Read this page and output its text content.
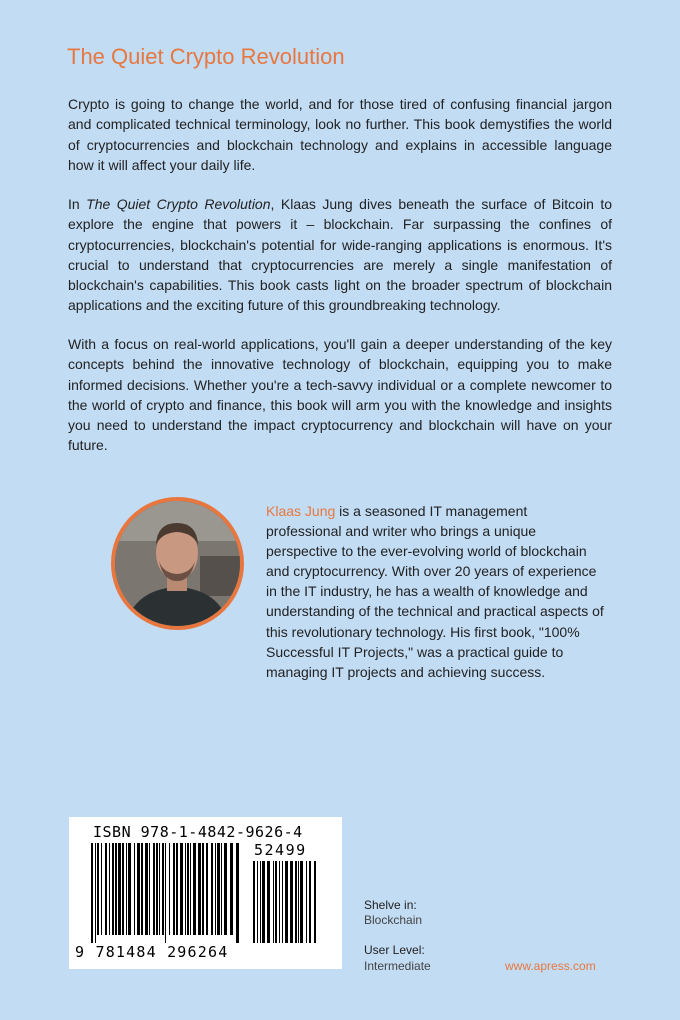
The Quiet Crypto Revolution

Crypto is going to change the world, and for those tired of confusing financial jargon and complicated technical terminology, look no further. This book demystifies the world of cryptocurrencies and blockchain technology and explains in accessible language how it will affect your daily life.

In The Quiet Crypto Revolution, Klaas Jung dives beneath the surface of Bitcoin to explore the engine that powers it – blockchain. Far surpassing the confines of cryptocurrencies, blockchain's potential for wide-ranging applications is enormous. It's crucial to understand that cryptocurrencies are merely a single manifestation of blockchain's capabilities. This book casts light on the broader spectrum of blockchain applications and the exciting future of this groundbreaking technology.

With a focus on real-world applications, you'll gain a deeper understanding of the key concepts behind the innovative technology of blockchain, equipping you to make informed decisions. Whether you're a tech-savvy individual or a complete newcomer to the world of crypto and finance, this book will arm you with the knowledge and insights you need to understand the impact cryptocurrency and blockchain will have on your future.

Klaas Jung is a seasoned IT management professional and writer who brings a unique perspective to the ever-evolving world of blockchain and cryptocurrency. With over 20 years of experience in the IT industry, he has a wealth of knowledge and understanding of the technical and practical aspects of this revolutionary technology. His first book, "100% Successful IT Projects," was a practical guide to managing IT projects and achieving success.

ISBN 978-1-4842-9626-4
52499
9 781484 296264

Shelve in:

Blockchain

User Level:

Intermediate	www.apress.com
